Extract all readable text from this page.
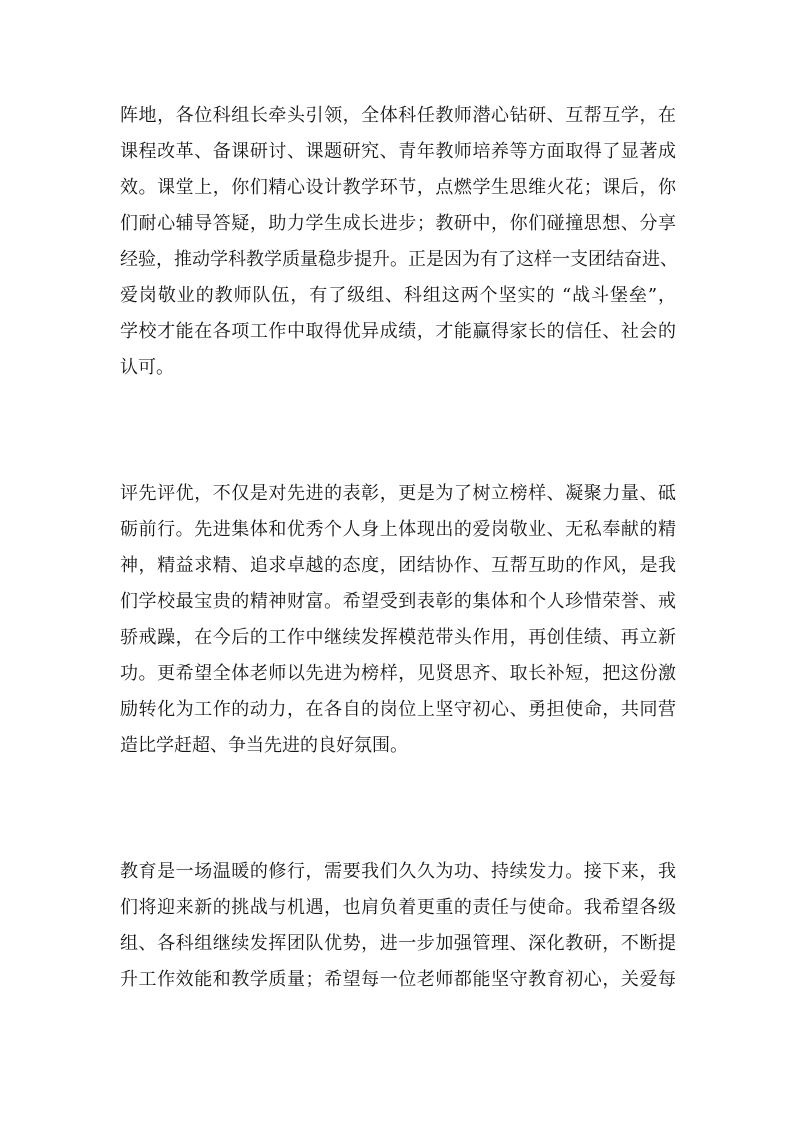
阵地，各位科组长牵头引领，全体科任教师潜心钻研、互帮互学，在
课程改革、备课研讨、课题研究、青年教师培养等方面取得了显著成
效。课堂上，你们精心设计教学环节，点燃学生思维火花；课后，你
们耐心辅导答疑，助力学生成长进步；教研中，你们碰撞思想、分享
经验，推动学科教学质量稳步提升。正是因为有了这样一支团结奋进、
爱岗敬业的教师队伍，有了级组、科组这两个坚实的 “战斗堡垒”，
学校才能在各项工作中取得优异成绩，才能赢得家长的信任、社会的
认可。
评先评优，不仅是对先进的表彰，更是为了树立榜样、凝聚力量、砥
砺前行。先进集体和优秀个人身上体现出的爱岗敬业、无私奉献的精
神，精益求精、追求卓越的态度，团结协作、互帮互助的作风，是我
们学校最宝贵的精神财富。希望受到表彰的集体和个人珍惜荣誉、戒
骄戒躁，在今后的工作中继续发挥模范带头作用，再创佳绩、再立新
功。更希望全体老师以先进为榜样，见贤思齐、取长补短，把这份激
励转化为工作的动力，在各自的岗位上坚守初心、勇担使命，共同营
造比学赶超、争当先进的良好氛围。
教育是一场温暖的修行，需要我们久久为功、持续发力。接下来，我
们将迎来新的挑战与机遇，也肩负着更重的责任与使命。我希望各级
组、各科组继续发挥团队优势，进一步加强管理、深化教研，不断提
升工作效能和教学质量；希望每一位老师都能坚守教育初心，关爱每
